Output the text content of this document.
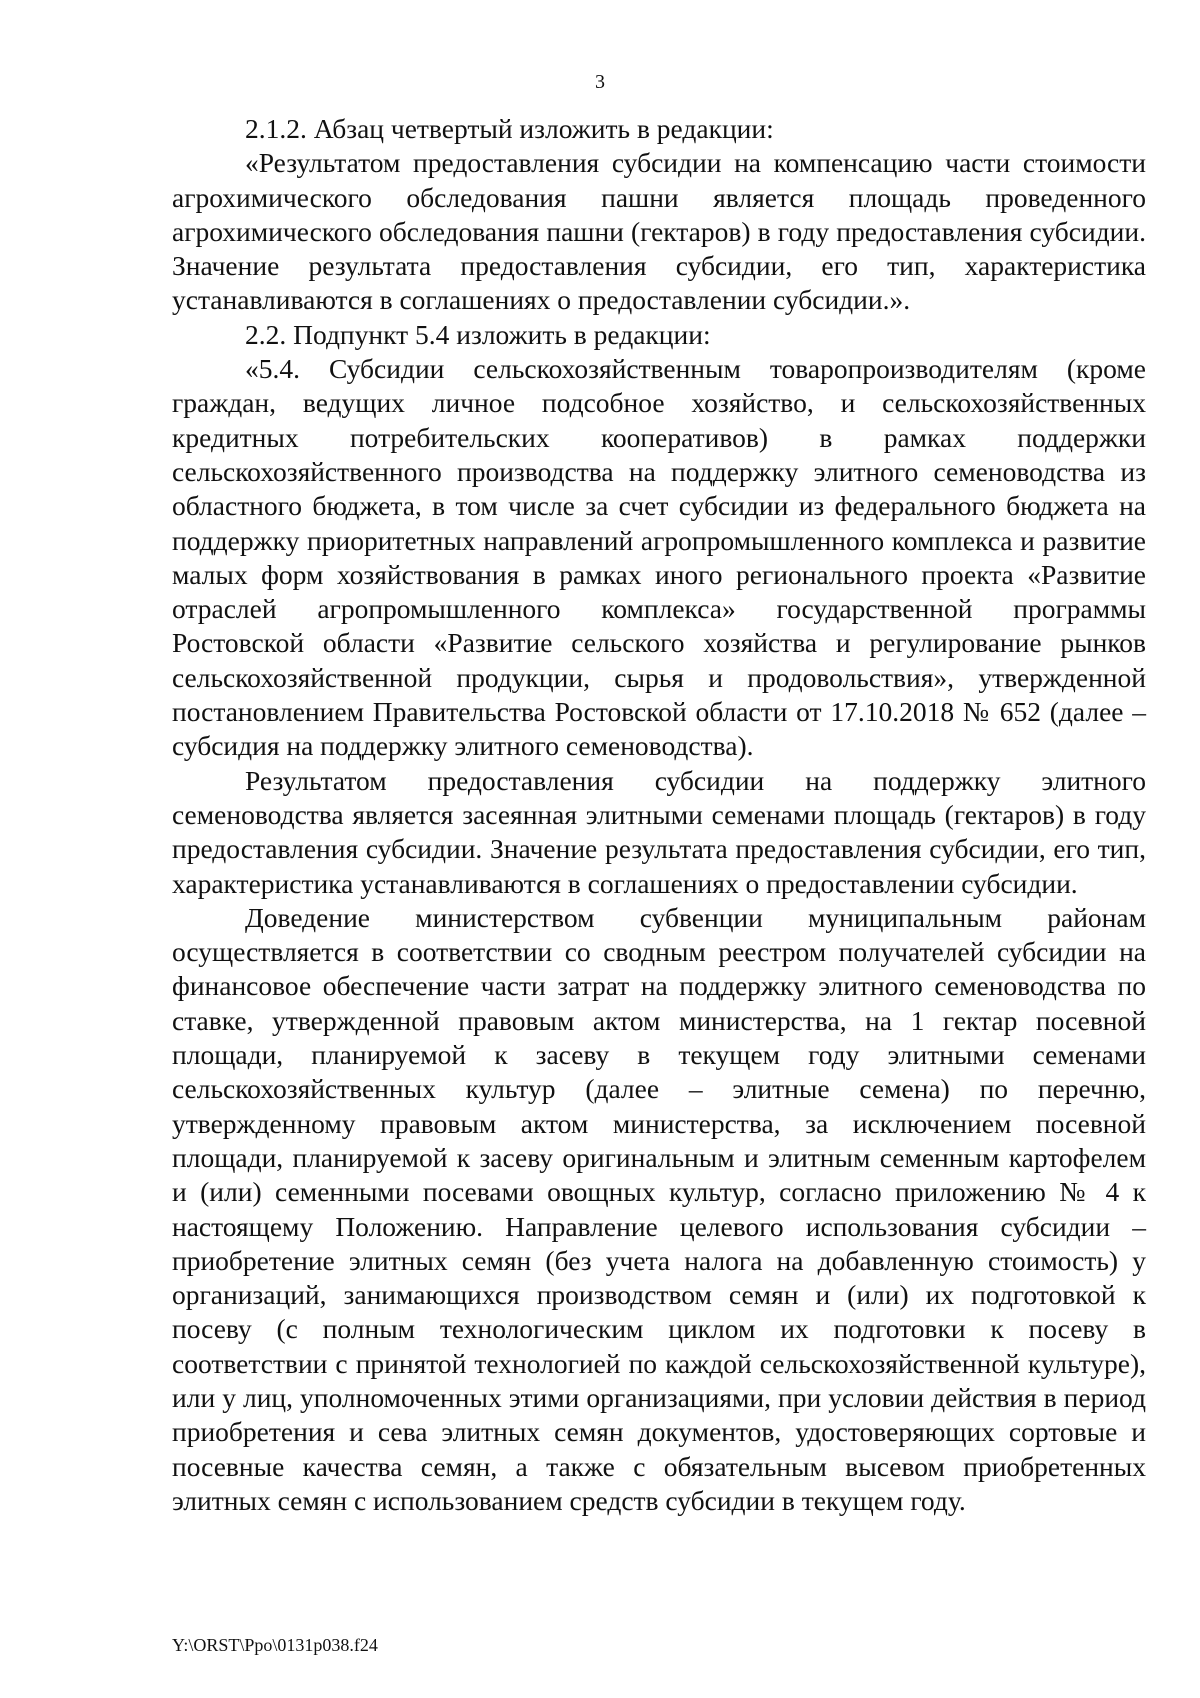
3

2.1.2. Абзац четвертый изложить в редакции:

«Результатом предоставления субсидии на компенсацию части стоимости агрохимического обследования пашни является площадь проведенного агрохимического обследования пашни (гектаров) в году предоставления субсидии. Значение результата предоставления субсидии, его тип, характеристика устанавливаются в соглашениях о предоставлении субсидии.».

2.2. Подпункт 5.4 изложить в редакции:

«5.4. Субсидии сельскохозяйственным товаропроизводителям (кроме граждан, ведущих личное подсобное хозяйство, и сельскохозяйственных кредитных потребительских кооперативов) в рамках поддержки сельскохозяйственного производства на поддержку элитного семеноводства из областного бюджета, в том числе за счет субсидии из федерального бюджета на поддержку приоритетных направлений агропромышленного комплекса и развитие малых форм хозяйствования в рамках иного регионального проекта «Развитие отраслей агропромышленного комплекса» государственной программы Ростовской области «Развитие сельского хозяйства и регулирование рынков сельскохозяйственной продукции, сырья и продовольствия», утвержденной постановлением Правительства Ростовской области от 17.10.2018 № 652 (далее – субсидия на поддержку элитного семеноводства).

Результатом предоставления субсидии на поддержку элитного семеноводства является засеянная элитными семенами площадь (гектаров) в году предоставления субсидии. Значение результата предоставления субсидии, его тип, характеристика устанавливаются в соглашениях о предоставлении субсидии.

Доведение министерством субвенции муниципальным районам осуществляется в соответствии со сводным реестром получателей субсидии на финансовое обеспечение части затрат на поддержку элитного семеноводства по ставке, утвержденной правовым актом министерства, на 1 гектар посевной площади, планируемой к засеву в текущем году элитными семенами сельскохозяйственных культур (далее – элитные семена) по перечню, утвержденному правовым актом министерства, за исключением посевной площади, планируемой к засеву оригинальным и элитным семенным картофелем и (или) семенными посевами овощных культур, согласно приложению № 4 к настоящему Положению. Направление целевого использования субсидии – приобретение элитных семян (без учета налога на добавленную стоимость) у организаций, занимающихся производством семян и (или) их подготовкой к посеву (с полным технологическим циклом их подготовки к посеву в соответствии с принятой технологией по каждой сельскохозяйственной культуре), или у лиц, уполномоченных этими организациями, при условии действия в период приобретения и сева элитных семян документов, удостоверяющих сортовые и посевные качества семян, а также с обязательным высевом приобретенных элитных семян с использованием средств субсидии в текущем году.

Y:\ORST\Ppo\0131p038.f24
